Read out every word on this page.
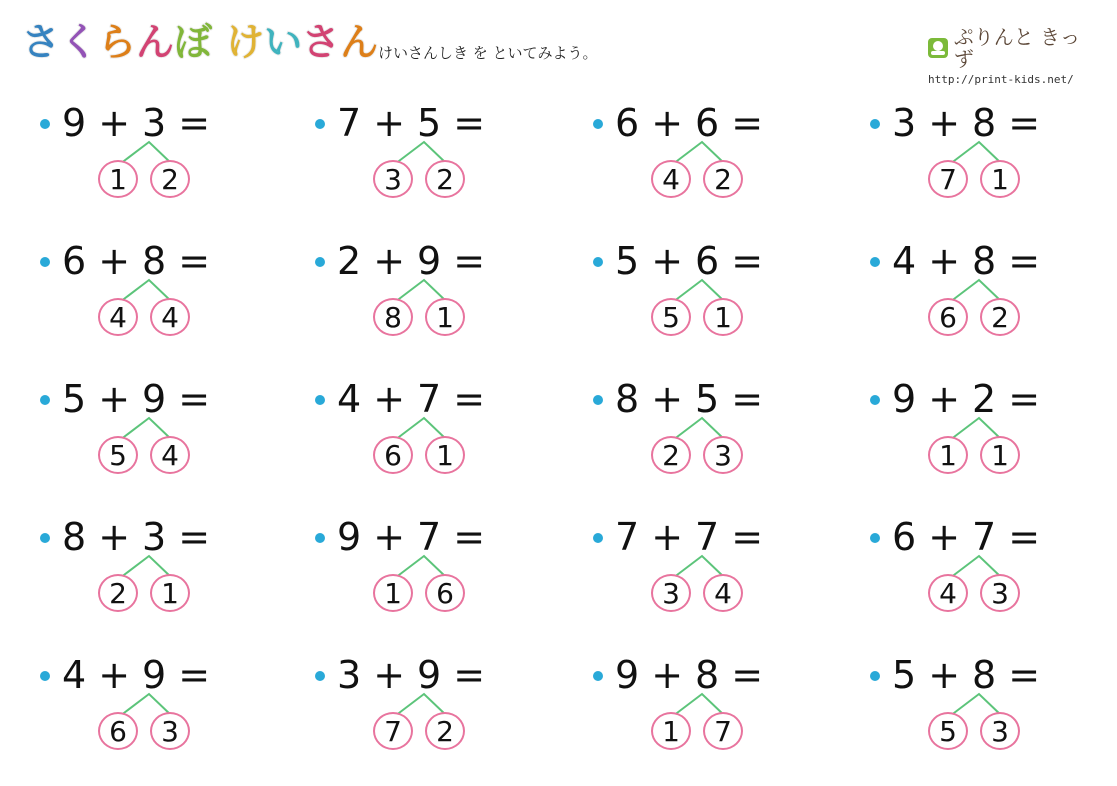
さくらんぼ けいさん けいさんしき を といてみよう。
ぷりんと きっず
http://print-kids.net/
9 + 3 =
1	2
7 + 5 =
3	2
6 + 6 =
4	2
3 + 8 =
7	1
6 + 8 =
4	4
2 + 9 =
8	1
5 + 6 =
5	1
4 + 8 =
6	2
5 + 9 =
5	4
4 + 7 =
6	1
8 + 5 =
2	3
9 + 2 =
1	1
8 + 3 =
2	1
9 + 7 =
1	6
7 + 7 =
3	4
6 + 7 =
4	3
4 + 9 =
6	3
3 + 9 =
7	2
9 + 8 =
1	7
5 + 8 =
5	3
